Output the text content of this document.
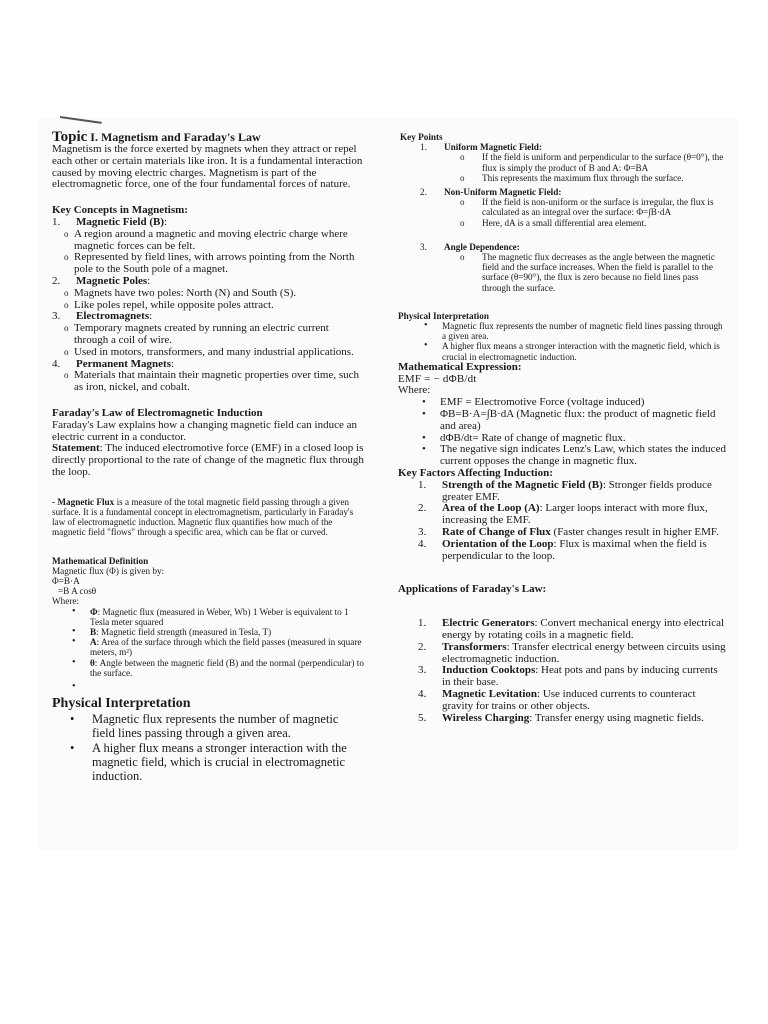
Topic I. Magnetism and Faraday's Law

Magnetism is the force exerted by magnets when they attract or repel each other or certain materials like iron. It is a fundamental interaction caused by moving electric charges. Magnetism is part of the electromagnetic force, one of the four fundamental forces of nature.

Key Concepts in Magnetism:

1.	Magnetic Field (B):
o A region around a magnetic and moving electric charge where magnetic forces can be felt.
o Represented by field lines, with arrows pointing from the North pole to the South pole of a magnet.
2.	Magnetic Poles:
o Magnets have two poles: North (N) and South (S).
o Like poles repel, while opposite poles attract.
3.	Electromagnets:
o Temporary magnets created by running an electric current through a coil of wire.
o Used in motors, transformers, and many industrial applications.
4.	Permanent Magnets:
o Materials that maintain their magnetic properties over time, such as iron, nickel, and cobalt.

Faraday's Law of Electromagnetic Induction

Faraday's Law explains how a changing magnetic field can induce an electric current in a conductor.

Statement: The induced electromotive force (EMF) in a closed loop is directly proportional to the rate of change of the magnetic flux through the loop.

- Magnetic Flux is a measure of the total magnetic field passing through a given surface. It is a fundamental concept in electromagnetism, particularly in Faraday's law of electromagnetic induction. Magnetic flux quantifies how much of the magnetic field "flows" through a specific area, which can be flat or curved.

Mathematical Definition

Magnetic flux (Φ) is given by:

Φ=B·A

=B A cosθ

Where:

•	Φ: Magnetic flux (measured in Weber, Wb) 1 Weber is equivalent to 1 Tesla meter squared
•	B: Magnetic field strength (measured in Tesla, T)
•	A: Area of the surface through which the field passes (measured in square meters, m²)
•	θ: Angle between the magnetic field (B) and the normal (perpendicular) to the surface.
•

Physical Interpretation

•	Magnetic flux represents the number of magnetic field lines passing through a given area.
•	A higher flux means a stronger interaction with the magnetic field, which is crucial in electromagnetic induction.

Key Points

1.	Uniform Magnetic Field:
o	If the field is uniform and perpendicular to the surface (θ=0°), the flux is simply the product of B and A: Φ=BA
o	This represents the maximum flux through the surface.
2.	Non-Uniform Magnetic Field:
o	If the field is non-uniform or the surface is irregular, the flux is calculated as an integral over the surface: Φ=∫B·dA
o	Here, dA is a small differential area element.
3.	Angle Dependence:
o	The magnetic flux decreases as the angle between the magnetic field and the surface increases. When the field is parallel to the surface (θ=90°), the flux is zero because no field lines pass through the surface.

Physical Interpretation

•	Magnetic flux represents the number of magnetic field lines passing through a given area.
•	A higher flux means a stronger interaction with the magnetic field, which is crucial in electromagnetic induction.

Mathematical Expression:

EMF = − dΦB/dt

Where:

•	EMF = Electromotive Force (voltage induced)
•	ΦB=B·A=∫B·dA (Magnetic flux: the product of magnetic field and area)
•	dΦB/dt= Rate of change of magnetic flux.
•	The negative sign indicates Lenz's Law, which states the induced current opposes the change in magnetic flux.

Key Factors Affecting Induction:

1.	Strength of the Magnetic Field (B): Stronger fields produce greater EMF.
2.	Area of the Loop (A): Larger loops interact with more flux, increasing the EMF.
3.	Rate of Change of Flux (Faster changes result in higher EMF.
4.	Orientation of the Loop: Flux is maximal when the field is perpendicular to the loop.

Applications of Faraday's Law:

1.	Electric Generators: Convert mechanical energy into electrical energy by rotating coils in a magnetic field.
2.	Transformers: Transfer electrical energy between circuits using electromagnetic induction.
3.	Induction Cooktops: Heat pots and pans by inducing currents in their base.
4.	Magnetic Levitation: Use induced currents to counteract gravity for trains or other objects.
5.	Wireless Charging: Transfer energy using magnetic fields.
